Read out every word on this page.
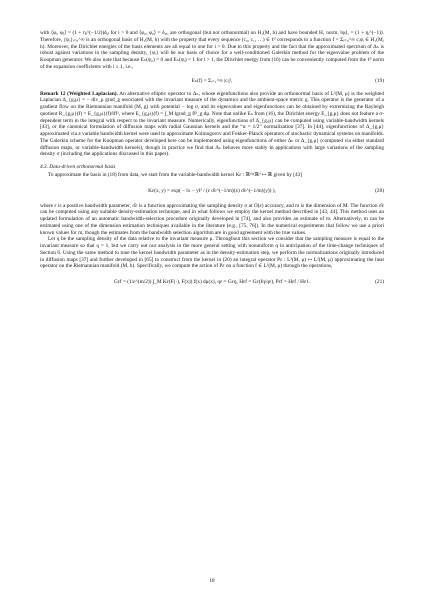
with ⟨φᵢ, φⱼ⟩ = (1 + ηᵢ^(−1/2))δᵢⱼ for i > 0 and ⟨φ₀, φ₀⟩ = δ₀ᵢ, are orthogonal (but not orthonormal) on H₁(M, h) and have bounded H₁ norm, ‖φᵢ‖₁ = (1 + ηᵢ^(−1)). Therefore, {ψᵢ}ᵢ₌₀^∞ is an orthogonal basis of H₁(M, h) with the property that every sequence (c₀, c₁, …) ∈ ℓ² corresponds to a function f = Σᵢ₌₀^∞ cᵢψᵢ ∈ H₁(M, h). Moreover, the Dirichlet energies of the basis elements are all equal to one for i > 0. Due to this property and the fact that the approximated spectrum of Δₕ is robust against variations in the sampling density, {ψᵢ} will be our basis of choice for a well-conditioned Galerkin method for the eigenvalue problem of the Koopman generator. We also note that because Eₕ(ψ₀) = 0 and Eₕ(ψᵢ) = 1 for i > 1, the Dirichlet energy from (16) can be conveniently computed from the ℓ² norm of the expansion coefficients with i ≥ 1, i.e.,

Eₕ(f) = Σᵢ₌₁^∞ |cᵢ|²,	(19)

Remark 12 (Weighted Laplacian). An alternative elliptic operator to Δₕ, whose eigenfunctions also provide an orthonormal basis of L²(M, μ) is the weighted Laplacian Δ_{g,μ} = − div_μ grad_g associated with the invariant measure of the dynamics and the ambient-space metric g. This operator is the generator of a gradient flow on the Riemannian manifold (M, g) with potential − log σ, and its eigenvalues and eigenfunctions can be obtained by extremizing the Rayleigh quotient R_{g,μ}(f) = E_{g,μ}(f)/‖f‖², where E_{g,μ}(f) = ∫_M ‖grad_g f‖²_g dμ. Note that unlike Eₕ from (16), the Dirichlet energy E_{g,μ} does not feature a σ-dependent term in the integral with respect to the invariant measure. Numerically, eigenfunctions of Δ_{g,μ} can be computed using variable-bandwidth kernels [43], or the canonical formulation of diffusion maps with radial Gaussian kernels and the “α = 1/2” normalization [37]. In [44], eigenfunctions of Δ_{g,μ} approximated via a variable bandwidth kernel were used to approximate Kolmogorov and Fokker-Planck operators of stochastic dynamical systems on manifolds. The Galerkin scheme for the Koopman operator developed here can be implemented using eigenfunctions of either Δₕ or Δ_{g,μ} (computed via either standard diffusion maps, or variable-bandwidth kernels), though in practice we find that Δₕ behaves more stably in applications with large variations of the sampling density σ (including the applications discussed in this paper).

4.3. Data-driven orthonormal basis

To approximate the basis in (18) from data, we start from the variable-bandwidth kernel Kε : ℝᵈ×ℝᵈ ↦ ℝ given by [43]

Kε(x, y) = exp( − ‖x − y‖² / (ε σ̂ε^(−1/m)(x) σ̂ε^(−1/m)(y)) ),	(20)

where ε is a positive bandwidth parameter, σ̂ε is a function approximating the sampling density σ at O(ε) accuracy, and m is the dimension of M. The function σ̂ε can be computed using any suitable density-estimation technique, and in what follows we employ the kernel method described in [43, 44]. This method uses an updated formulation of an automatic bandwidth-selection procedure originally developed in [74], and also provides an estimate of m. Alternatively, m can be estimated using one of the dimension estimation techniques available in the literature (e.g., [75, 76]). In the numerical experiments that follow we use a priori known values for m, though the estimates from the bandwidth selection algorithm are in good agreement with the true values.

Let q be the sampling density of the data relative to the invariant measure μ. Throughout this section we consider that the sampling measure is equal to the invariant measure so that q = 1, but we carry out our analysis in the more general setting with nonuniform q in anticipation of the time-change techniques of Section 6. Using the same method to tune the kernel bandwidth parameter as in the density-estimation step, we perform the normalizations originally introduced in diffusion maps [37] and further developed in [65] to construct from the kernel in (20) an integral operator Pε : L²(M, μ) ↦ L²(M, μ) approximating the heat operator on the Riemannian manifold (M, h). Specifically, we compute the action of Pε on a function f ∈ L²(M, μ) through the operations,

Gεf = (1/ε^(m/2)) ∫_M Kε(F(·), F(x)) f(x) dμ(x), qε = Gεq, Hεf = Gε(fq/qε), Pεf = Hεf / Hε1.	(21)
18
